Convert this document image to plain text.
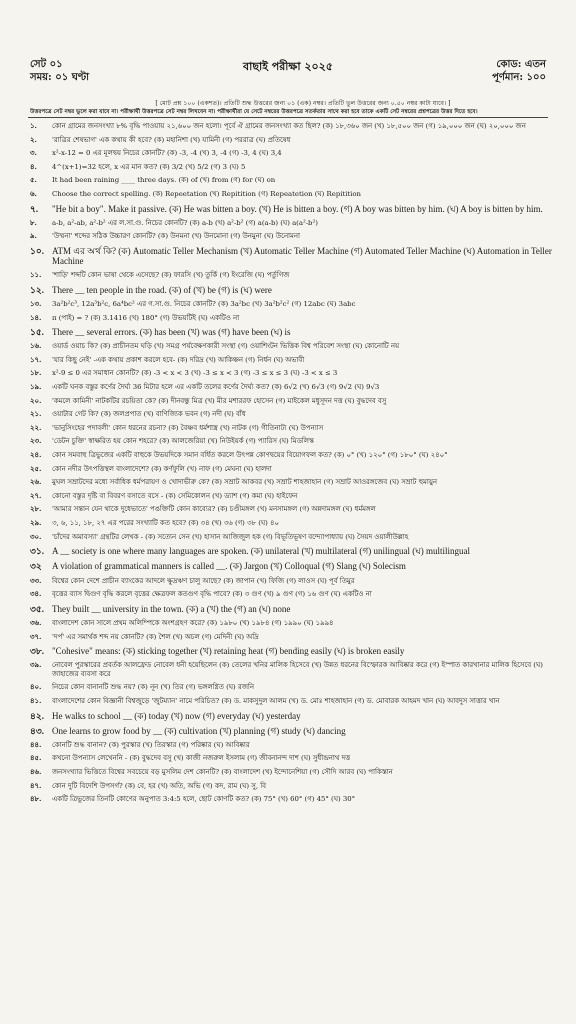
সেট ০১
সময়: ০১ ঘণ্টা
বাছাই পরীক্ষা ২০২৫	কোড: এতন
পূর্ণমান: ১০০
[ মোট প্রশ্ন ১০০ (একশত)। প্রতিটি শুদ্ধ উত্তরের জন্য ০১ (এক) নম্বর। প্রতিটি ভুল উত্তরের জন্য ০.৫০ নম্বর কাটা যাবে। ]
উত্তরপত্রে সেট নম্বর ভুলে করা যাবে না। পরীক্ষার্থী উত্তরপত্রে সেট নম্বর লিখবেন না। পরীক্ষার্থীরা যে সেটে নম্বরের উত্তরপত্রে সতর্কতার সাথে করা হবে তাকে একটি সেট নম্বরের প্রশ্নপত্রের উত্তর দিতে হবে।
১.	কোন গ্রামের জনসংখ্যা ৮% বৃদ্ধি পাওয়ায় ২১,৬০০ জন হলো। পূর্বে ঐ গ্রামের জনসংখ্যা কত ছিল? (ক) ১৮,৩৬০ জন (খ) ১৮,৫০০ জন (গ) ১৯,০০০ জন (ঘ) ২০,০০০ জন
২.	'রাত্রির শেষভাগ' এক কথায় কী হবে? (ক) মহানিশা (খ) যামিনী (গ) পররাত্র (ঘ) প্রতিষেধ
৩.	x²-x-12 = 0 এর মূলদ্বয় নিচের কোনটি? (ক) -3, -4 (খ) 3, -4 (গ) -3, 4 (ঘ) 3,4
৪.	4^(x+1)=32 হলে, x এর মান কত? (ক) 3/2 (খ) 5/2 (গ) 3 (ঘ) 5
৫.	It had been raining ____ three days. (ক) of (খ) from (গ) for (ঘ) on
৬.	Choose the correct spelling. (ক) Repeetation (খ) Repitition (গ) Repeatetion (ঘ) Repitition
৭.	"He bit a boy". Make it passive. (ক) He was bitten a boy. (খ) He is bitten a boy. (গ) A boy was bitten by him. (ঘ) A boy is bitten by him.
৮.	a-b, a²-ab, a²-b² এর ল.সা.গু. নিচের কোনটি? (ক) a-b (খ) a²-b² (গ) a(a-b) (ঘ) a(a²-b²)
৯.	'উম্মনা' শব্দের সঠিক উচ্চারণ কোনটি? (ক) উনমনা (খ) উনমোনা (গ) উনমুনা (ঘ) উনোমনা
১০. ATM এর অর্থ কি? (ক) Automatic Teller Mechanism (খ) Automatic Teller Machine (গ) Automated Teller Machine (ঘ) Automation in Teller Machine
১১.	'শাড়ি' শব্দটি কোন ভাষা থেকে এসেছে? (ক) ফারসি (খ) তুর্কি (গ) ইংরেজি (ঘ) পর্তুগিজ
১২. There __ ten people in the road. (ক) of (খ) be (গ) is (ঘ) were
১৩.	3a²b²c³, 12a³b²c, 6a⁴bc² এর গ.সা.গু. নিচের কোনটি? (ক) 3a²bc (খ) 3a²b²c² (গ) 12abc (ঘ) 3abc
১৪.	π (পাই) = ? (ক) 3.1416 (খ) 180° (গ) উভয়টিই (ঘ) একটিও না
১৫. There __ several errors. (ক) has been (খ) was (গ) have been (ঘ) is
১৬.	ওয়ার্ড ওয়াচ কি? (ক) প্রাচীনতম ঘড়ি (খ) সমগ্র পর্যবেক্ষণকারী সংস্থা (গ) ওয়াশিংটন ভিত্তিক বিশ্ব পরিবেশ সংস্থা (ঘ) কোনোটি নয়
১৭.	'যার কিছু নেই' -এক কথায় প্রকাশ করলে হবে- (ক) দরিদ্র (খ) আকিঞ্চন (গ) নির্ধন (ঘ) অভাবী
১৮.	x²-9 ≤ 0 এর সমাধান কোনটি? (ক) -3 < x < 3 (খ) -3 ≤ x < 3 (গ) -3 ≤ x ≤ 3 (ঘ) -3 < x ≤ 3
১৯.	একটি ঘনক বস্তুর কর্ণের দৈর্ঘ্য 36 মিটার হলে এর একটি তলের কর্ণের দৈর্ঘ্য কত? (ক) 6√2 (খ) 6√3 (গ) 9√2 (ঘ) 9√3
২০.	'কমলে কামিনী' নাটকটির রচয়িতা কে? (ক) দীনবন্ধু মিত্র (খ) মীর মশাররফ হোসেন (গ) মাইকেল মধুসূদন দত্ত (ঘ) বুদ্ধদেব বসু
২১.	ওয়াটার গেট কি? (ক) জলপ্রপাত (খ) বাণিজ্যিক ভবন (গ) নদী (ঘ) বাঁধ
২২.	'ভানুসিংহের পদাবলী' কোন ধরনের রচনা? (ক) বৈষ্ণব ধর্মশাস্ত্র (খ) নাটক (গ) গীতিনাট্য (ঘ) উপন্যাস
২৩.	'ডেটন চুক্তি' স্বাক্ষরিত হয় কোন শহরে? (ক) আলজেরিয়া (খ) নিউইয়র্ক (গ) প্যারিস (ঘ) মিডলিস্ক
২৪.	কোন সমবাহু ত্রিভুজের একটি বাহুকে উভয়দিকে সমান বর্ধিত করলে উৎপন্ন কোণদ্বয়ের বিয়োগফল কত? (ক) ০° (খ) ১২০° (গ) ১৮০° (ঘ) ২৪০°
২৫.	কোন নদীর উৎপত্তিস্থল বাংলাদেশে? (ক) কর্ণফুলি (খ) নাফ (গ) মেঘনা (ঘ) হালদা
২৬.	মুঘল সম্রাটদের মধ্যে সর্বাধিক ধর্মপরায়ণ ও খোদাভীরু কে? (ক) সম্রাট আকবর (খ) সম্রাট শাহজাহান (গ) সম্রাট আওরঙ্গজেব (ঘ) সম্রাট হুমায়ুন
২৭.	কোনো বস্তুর দৃষ্টি বা বিবরণ বসাতে বসে - (ক) সেমিকোলন (খ) ড্যাশ (গ) কমা (ঘ) হাইফেন
২৮.	'আমার সন্তান যেন থাকে দুধেভাতে' পঙক্তিটি কোন কাব্যের? (ক) চণ্ডীমঙ্গল (খ) মনসামঙ্গল (গ) অন্নদামঙ্গল (ঘ) ধর্মমঙ্গল
২৯.	৩, ৬, ১১, ১৮, ২৭ এর পরের সংখ্যাটি কত হবে? (ক) ৩৪ (খ) ৩৬ (গ) ৩৮ (ঘ) ৪০
৩০.	'চাঁদের অমাবস্যা' গ্রন্থটির লেখক - (ক) সত্যেন সেন (খ) হাসান আজিজুল হক (গ) বিভূতিভূষণ বন্দ্যোপাধ্যায় (ঘ) সৈয়দ ওয়ালীউল্লাহ
৩১. A __ society is one where many languages are spoken. (ক) unilateral (খ) multilateral (গ) unilingual (ঘ) multilingual
৩২	A violation of grammatical manners is called __. (ক) Jargon (খ) Colloqual (গ) Slang (ঘ) Solecism
৩৩.	বিশ্বের কোন দেশে প্রাচীন ব্যাংকের আদলে ক্ষুদ্রঋণ চালু আছে? (ক) জাপান (খ) ফিজি (গ) লাওস (ঘ) পূর্ব তিমুর
৩৪.	বৃত্তের ব্যাস দ্বিগুণ বৃদ্ধি করলে বৃত্তের ক্ষেত্রফল কতগুণ বৃদ্ধি পাবে? (ক) ৩ গুণ (খ) ৯ গুণ (গ) ১৬ গুণ (ঘ) একটিও না
৩৫. They built __ university in the town. (ক) a (খ) the (গ) an (ঘ) none
৩৬.	বাংলাদেশ কোন সালে প্রথম অলিম্পিকে অংশগ্রহণ করে? (ক) ১৯৮০ (খ) ১৯৮৪ (গ) ১৯৯০ (ঘ) ১৯৯৪
৩৭.	'দর্প' এর সমার্থক শব্দ নয় কোনটি? (ক) শৈল (খ) অচল (গ) মেদিনী (ঘ) অদ্রি
৩৮. "Cohesive" means: (ক) sticking together (খ) retaining heat (গ) bending easily (ঘ) is broken easily
৩৯.	নোবেল পুরস্কারের প্রবর্তক আলফ্রেড নোবেল ধনী হয়েছিলেন (ক) তেলের খনির মালিক হিসেবে (খ) উন্নত ধরনের বিস্ফোরক আবিষ্কার করে (গ) ইস্পাত কারখানার মালিক হিসেবে (ঘ) জাহাজের ব্যবসা করে
৪০.	নিচের কোন বানানটি শুদ্ধ নয়? (ক) নূন (খ) তির (গ) ভঙ্গলগ্নিত (ঘ) রজনি
৪১.	বাংলাদেশের কোন বিজ্ঞানী বিশ্বজুড়ে 'জুটম্যান' নামে পরিচিত? (ক) ড. মাকসুদুল আলম (খ) ড. মোঃ শাহজাহান (গ) ড. মোবারক আহমদ খান (ঘ) আবদুস সাত্তার খান
৪২. He walks to school __ (ক) today (খ) now (গ) everyday (ঘ) yesterday
৪৩. One learns to grow food by __ (ক) cultivation (খ) planning (গ) study (ঘ) dancing
৪৪.	কোনটি শুদ্ধ বানান? (ক) পুরস্কার (খ) তিরস্কার (গ) পরিষ্কার (ঘ) আবিষ্কার
৪৫.	কখনো উপন্যাস লেখেননি - (ক) বুদ্ধদেব বসু (খ) কাজী নজরুল ইসলাম (গ) জীবনানন্দ দাশ (ঘ) সুধীন্দ্রনাথ দত্ত
৪৬.	জনসংখ্যার ভিত্তিতে বিশ্বের সবচেয়ে বড় মুসলিম দেশ কোনটি? (ক) বাংলাদেশ (খ) ইন্দোনেশিয়া (গ) সৌদি আরব (ঘ) পাকিস্তান
৪৭.	কোন দুটি বিদেশি উপসর্গ? (ক) বে, হর (খ) অতি, অভি (গ) কদ, রাম (ঘ) সু, বি
৪৮.	একটি ত্রিভুজের তিনটি কোণের অনুপাত 3:4:5 হলে, ছোট কোণটি কত? (ক) 75° (খ) 60° (গ) 45° (ঘ) 30°
